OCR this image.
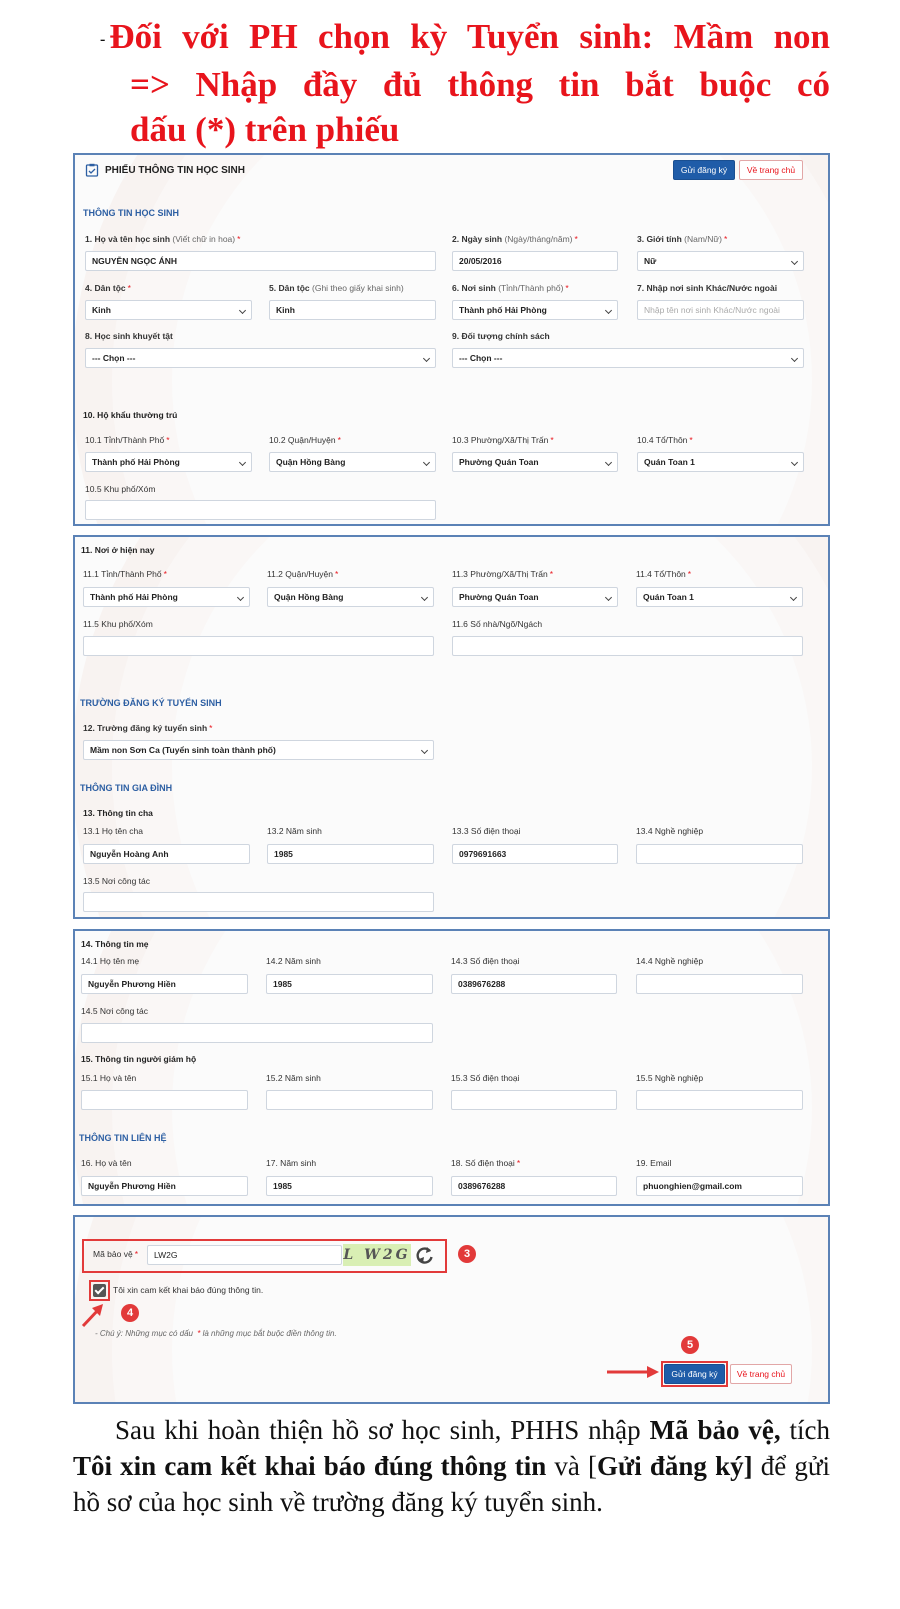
- Đối với PH chọn kỳ Tuyển sinh: Mầm non
=> Nhập đầy đủ thông tin bắt buộc có
dấu (*) trên phiếu
PHIẾU THÔNG TIN HỌC SINH	Gửi đăng ký	Về trang chủ
THÔNG TIN HỌC SINH
1. Họ và tên học sinh (Viết chữ in hoa) *
NGUYỄN NGỌC ÁNH
2. Ngày sinh (Ngày/tháng/năm) *
20/05/2016
3. Giới tính (Nam/Nữ) *
Nữ
4. Dân tộc *
Kinh
5. Dân tộc (Ghi theo giấy khai sinh)
Kinh
6. Nơi sinh (Tỉnh/Thành phố) *
Thành phố Hải Phòng
7. Nhập nơi sinh Khác/Nước ngoài
Nhập tên nơi sinh Khác/Nước ngoài
8. Học sinh khuyết tật
--- Chọn ---
9. Đối tượng chính sách
--- Chọn ---
10. Hộ khẩu thường trú
10.1 Tỉnh/Thành Phố *
Thành phố Hải Phòng
10.2 Quận/Huyện *
Quận Hồng Bàng
10.3 Phường/Xã/Thị Trấn *
Phường Quán Toan
10.4 Tổ/Thôn *
Quán Toan 1
10.5 Khu phố/Xóm
11. Nơi ở hiện nay
11.1 Tỉnh/Thành Phố *
Thành phố Hải Phòng
11.2 Quận/Huyện *
Quận Hồng Bàng
11.3 Phường/Xã/Thị Trấn *
Phường Quán Toan
11.4 Tổ/Thôn *
Quán Toan 1
11.5 Khu phố/Xóm	11.6 Số nhà/Ngõ/Ngách
TRƯỜNG ĐĂNG KÝ TUYỂN SINH
12. Trường đăng ký tuyển sinh *
Mầm non Sơn Ca (Tuyển sinh toàn thành phố)
THÔNG TIN GIA ĐÌNH
13. Thông tin cha
13.1 Họ tên cha
Nguyễn Hoàng Anh
13.2 Năm sinh
1985
13.3 Số điện thoại
0979691663
13.4 Nghề nghiệp
13.5 Nơi công tác
14. Thông tin mẹ
14.1 Họ tên mẹ
Nguyễn Phương Hiền
14.2 Năm sinh
1985
14.3 Số điện thoại
0389676288
14.4 Nghề nghiệp
14.5 Nơi công tác
15. Thông tin người giám hộ
15.1 Họ và tên	15.2 Năm sinh	15.3 Số điện thoại	15.5 Nghề nghiệp
THÔNG TIN LIÊN HỆ
16. Họ và tên
Nguyễn Phương Hiền
17. Năm sinh
1985
18. Số điện thoại *
0389676288
19. Email
phuonghien@gmail.com
Mã bảo vệ *	LW2G	L W2G	3
Tôi xin cam kết khai báo đúng thông tin.
4
- Chú ý: Những mục có dấu * là những mục bắt buộc điền thông tin.
5
Gửi đăng ký	Về trang chủ
Sau khi hoàn thiện hồ sơ học sinh, PHHS nhập Mã bảo vệ, tích Tôi xin cam kết khai báo đúng thông tin và [Gửi đăng ký] để gửi hồ sơ của học sinh về trường đăng ký tuyển sinh.
